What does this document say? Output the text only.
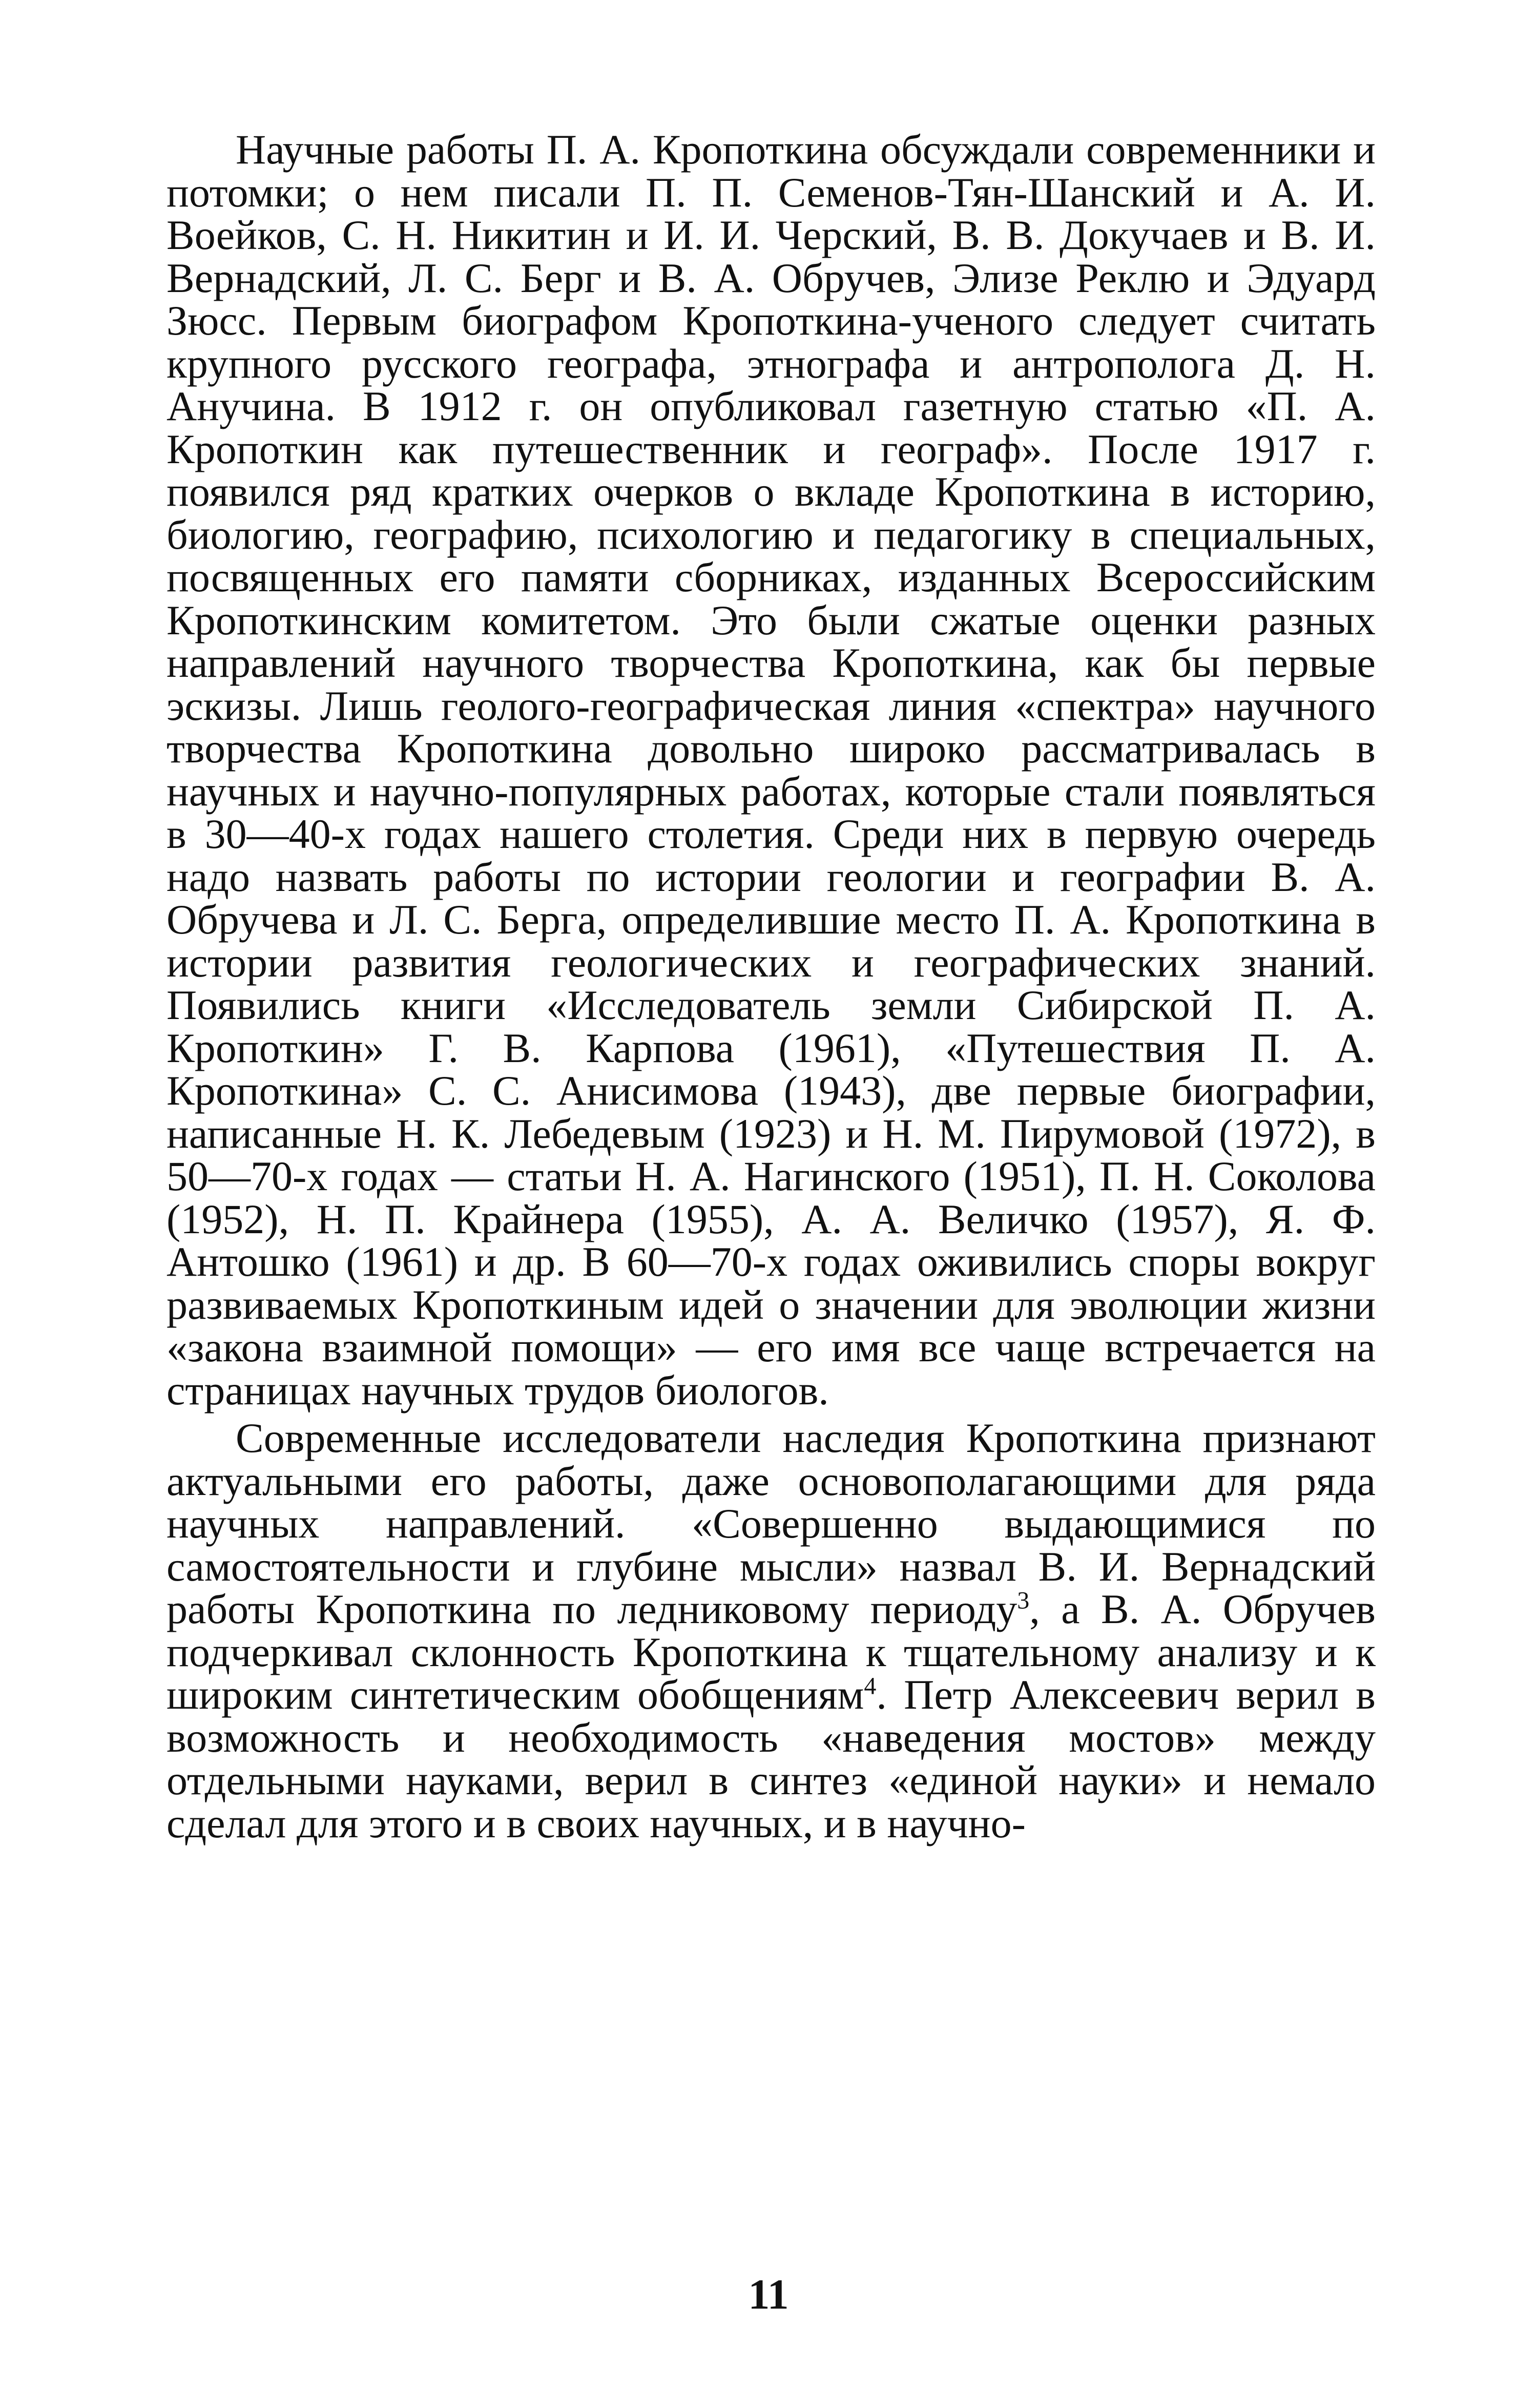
Научные работы П. А. Кропоткина обсуждали современники и потомки; о нем писали П. П. Семенов-Тян-Шанский и А. И. Воейков, С. Н. Никитин и И. И. Черский, В. В. Докучаев и В. И. Вернадский, Л. С. Берг и В. А. Обручев, Элизе Реклю и Эдуард Зюсс. Первым биографом Кропоткина-ученого следует считать крупного русского географа, этнографа и антрополога Д. Н. Анучина. В 1912 г. он опубликовал газетную статью «П. А. Кропоткин как путешественник и географ». После 1917 г. появился ряд кратких очерков о вкладе Кропоткина в историю, биологию, географию, психологию и педагогику в специальных, посвященных его памяти сборниках, изданных Всероссийским Кропоткинским комитетом. Это были сжатые оценки разных направлений научного творчества Кропоткина, как бы первые эскизы. Лишь геолого-географическая линия «спектра» научного творчества Кропоткина довольно широко рассматривалась в научных и научно-популярных работах, которые стали появляться в 30—40-х годах нашего столетия. Среди них в первую очередь надо назвать работы по истории геологии и географии В. А. Обручева и Л. С. Берга, определившие место П. А. Кропоткина в истории развития геологических и географических знаний. Появились книги «Исследователь земли Сибирской П. А. Кропоткин» Г. В. Карпова (1961), «Путешествия П. А. Кропоткина» С. С. Анисимова (1943), две первые биографии, написанные Н. К. Лебедевым (1923) и Н. М. Пирумовой (1972), в 50—70-х годах — статьи Н. А. Нагинского (1951), П. Н. Соколова (1952), Н. П. Крайнера (1955), А. А. Величко (1957), Я. Ф. Антошко (1961) и др. В 60—70-х годах оживились споры вокруг развиваемых Кропоткиным идей о значении для эволюции жизни «закона взаимной помощи» — его имя все чаще встречается на страницах научных трудов биологов.

Современные исследователи наследия Кропоткина признают актуальными его работы, даже основополагающими для ряда научных направлений. «Совершенно выдающимися по самостоятельности и глубине мысли» назвал В. И. Вернадский работы Кропоткина по ледниковому периоду$^3$, а В. А. Обручев подчеркивал склонность Кропоткина к тщательному анализу и к широким синтетическим обобщениям$^4$. Петр Алексеевич верил в возможность и необходимость «наведения мостов» между отдельными науками, верил в синтез «единой науки» и немало сделал для этого и в своих научных, и в научно-

11
